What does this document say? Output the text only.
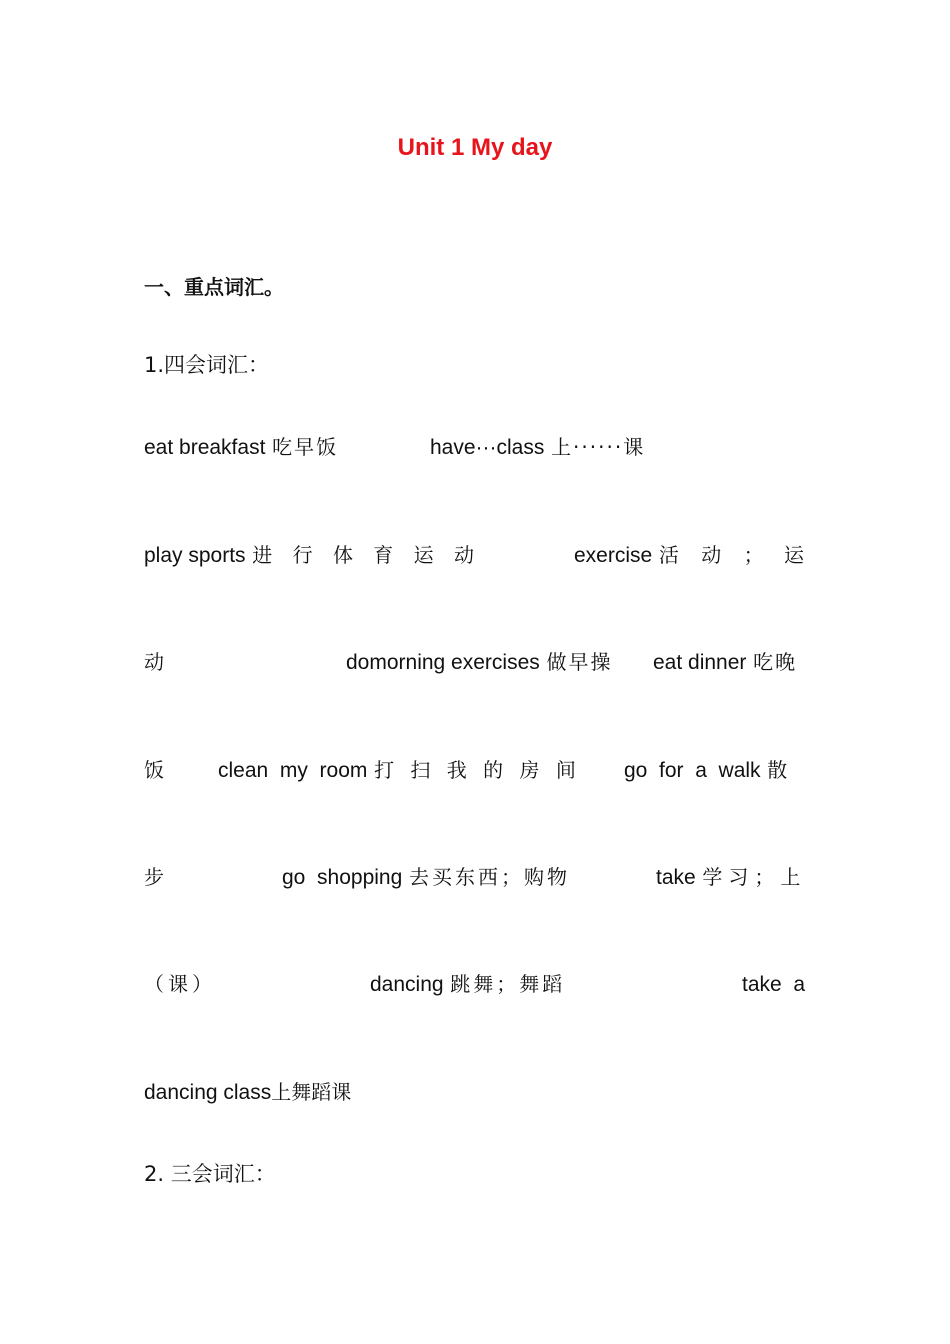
Unit 1 My day
一、重点词汇。
1.四会词汇：
eat breakfast 吃早饭	have···class 上······课
play sports 进 行 体 育 运 动	exercise 活 动 ； 运
动	domorning exercises 做早操 eat dinner 吃晚
饭 clean  my  room 打 扫 我 的 房 间 go  for  a  walk 散
步	go  shopping 去买东西；购物	take 学习；上
（课）	dancing 跳舞；舞蹈	take  a
dancing class上舞蹈课
2. 三会词汇：
